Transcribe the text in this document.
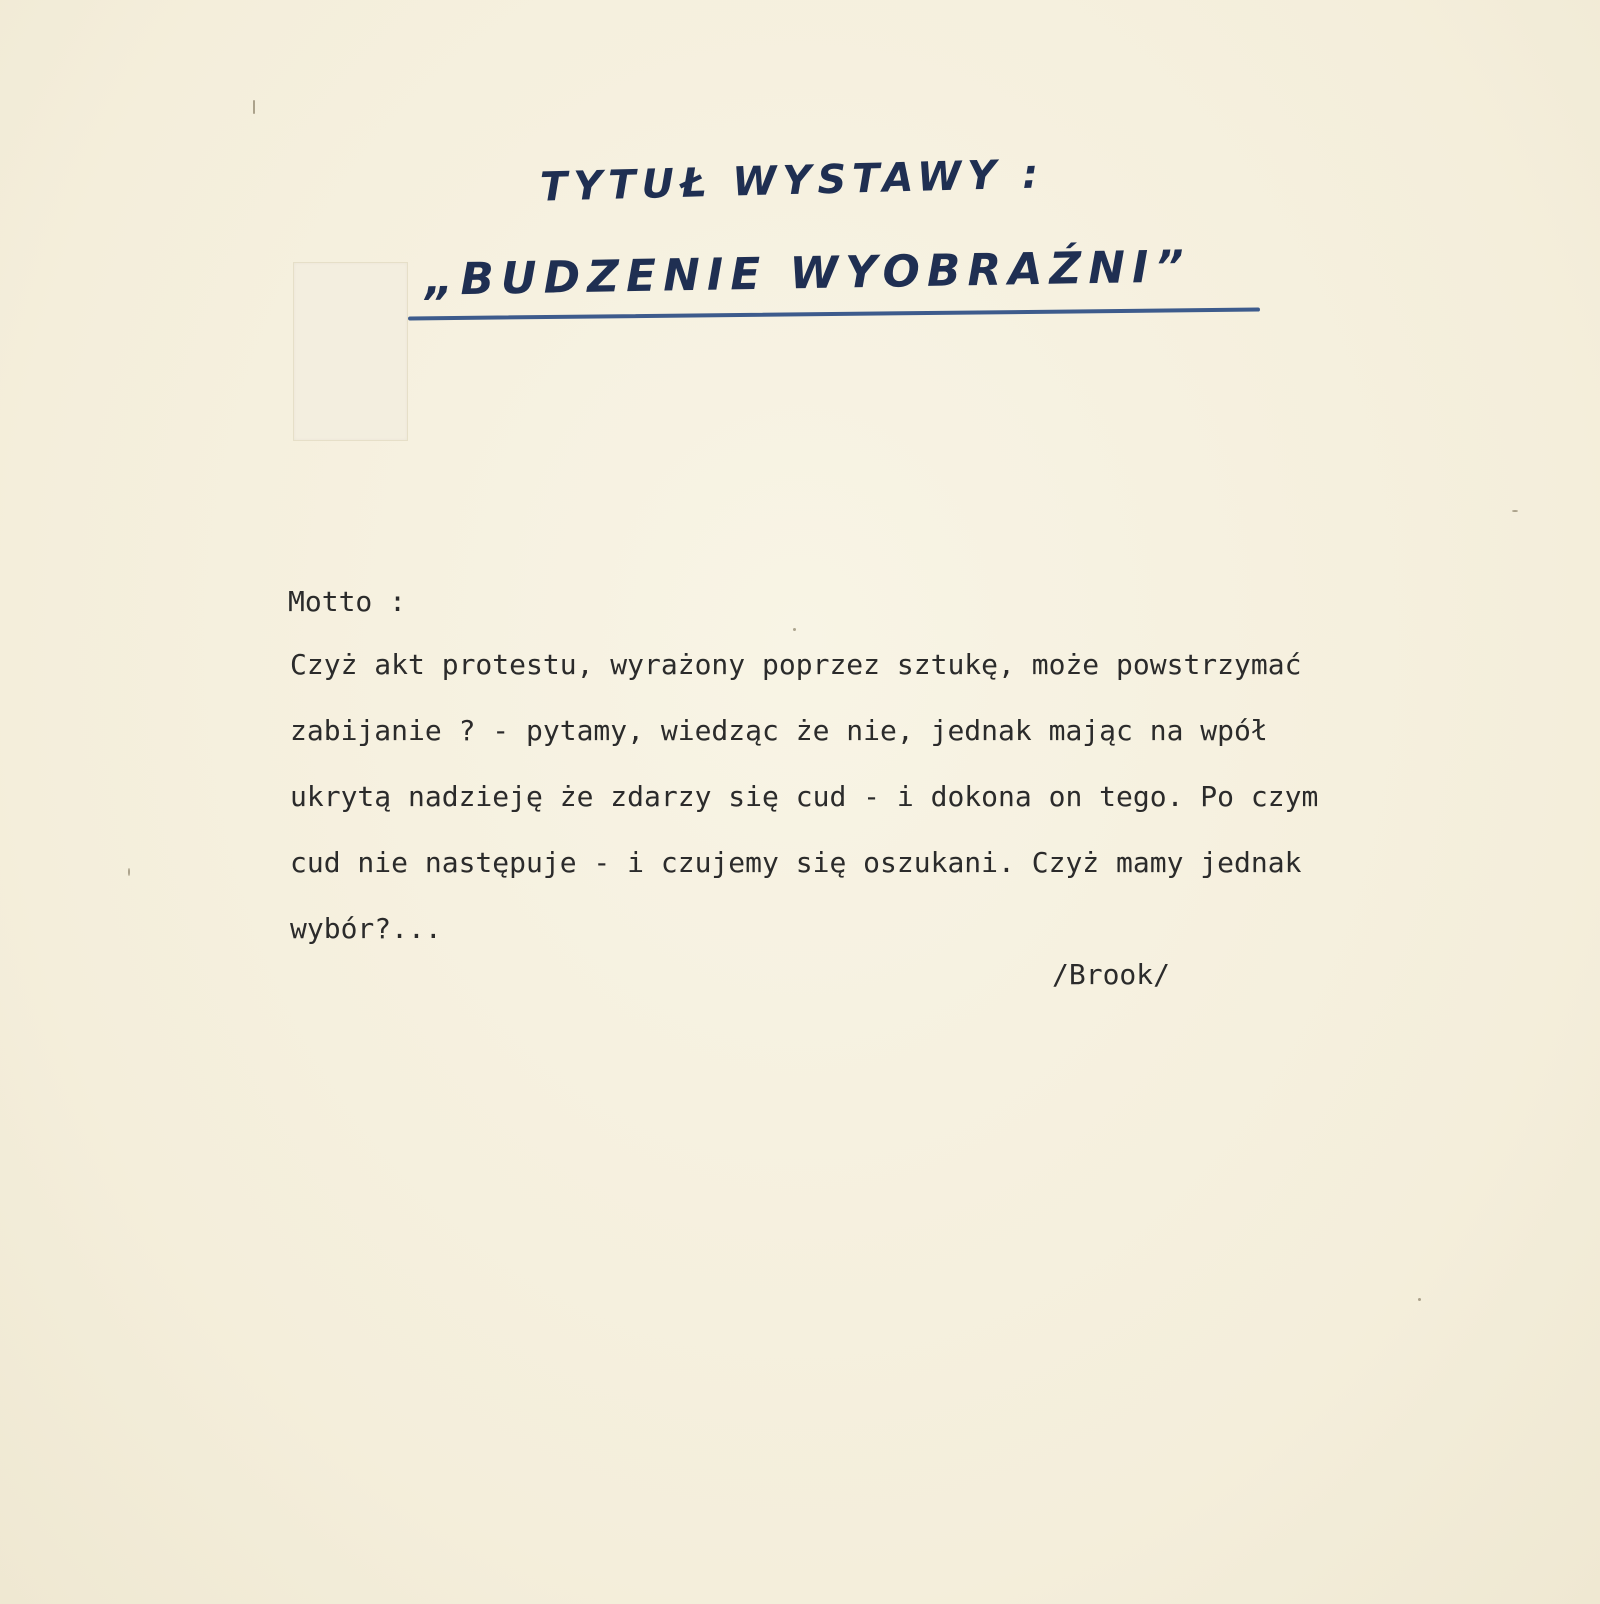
TYTUŁ WYSTAWY :
„BUDZENIE WYOBRAŹNI”
Motto :
Czyż akt protestu, wyrażony poprzez sztukę, może powstrzymać
zabijanie ? - pytamy, wiedząc że nie, jednak mając na wpół
ukrytą nadzieję że zdarzy się cud - i dokona on tego. Po czym
cud nie następuje - i czujemy się oszukani. Czyż mamy jednak
wybór?...
/Brook/
